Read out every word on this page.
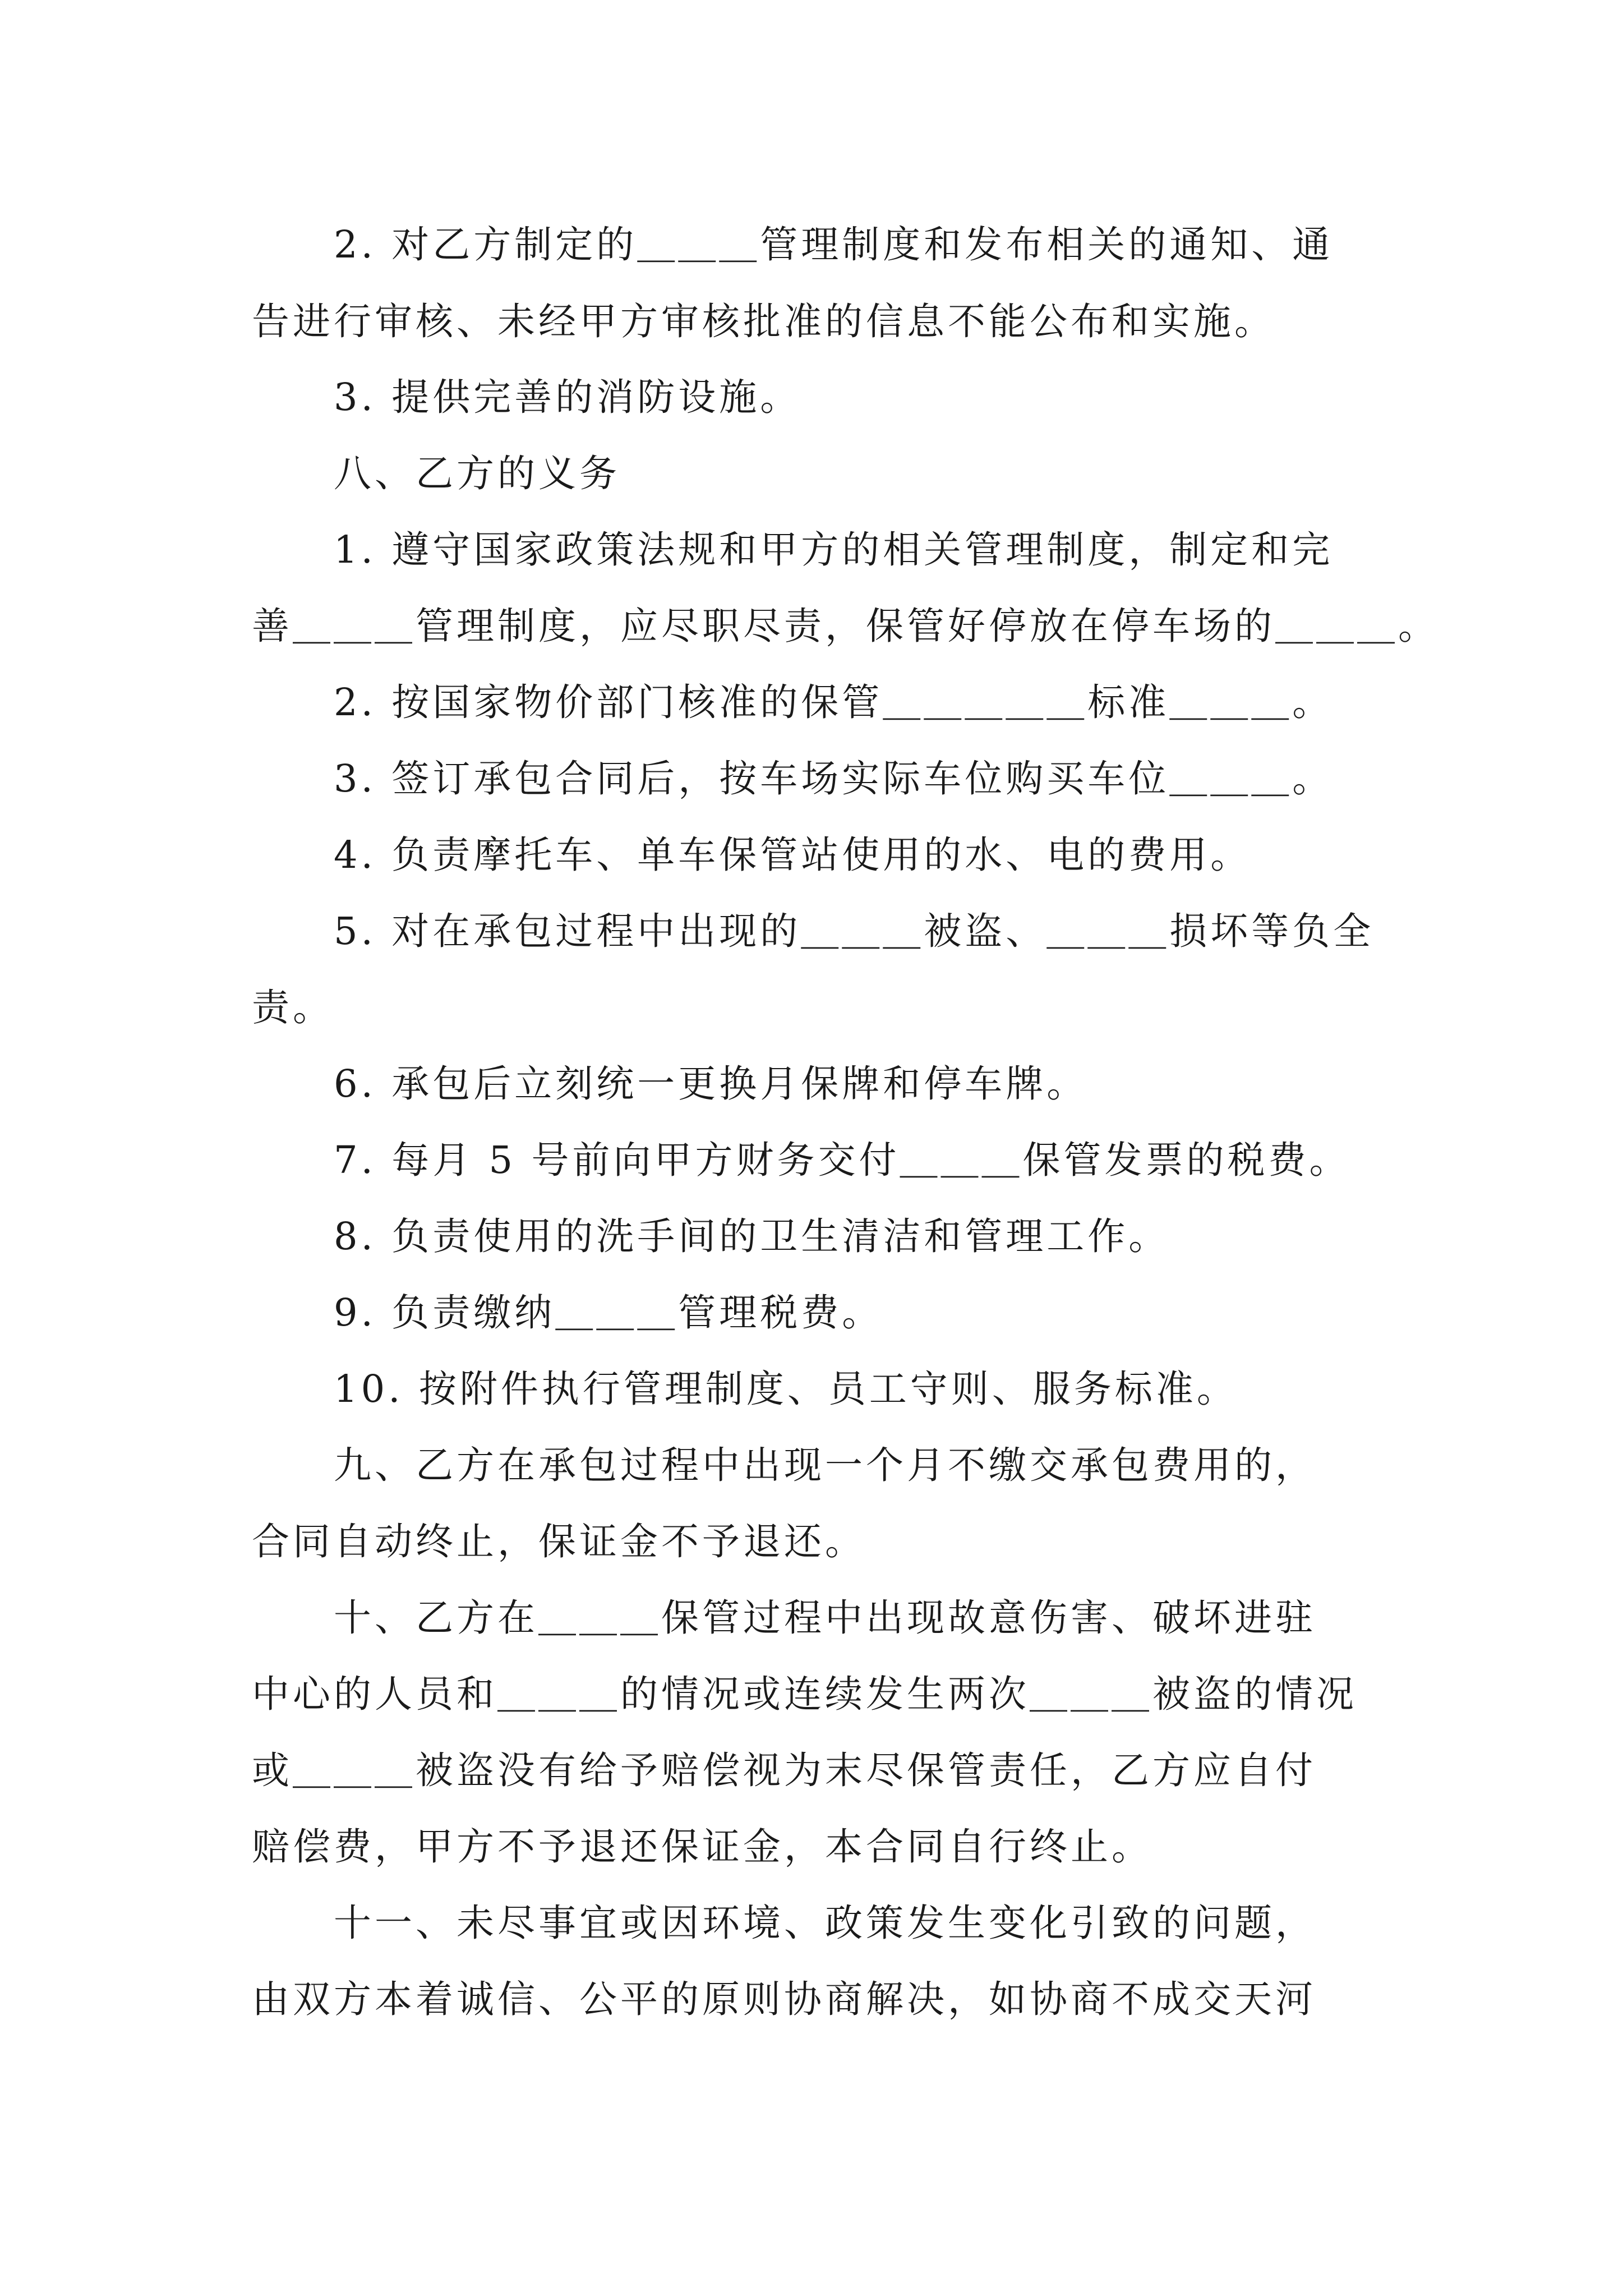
　　2. 对乙方制定的＿＿＿管理制度和发布相关的通知、通
告进行审核、未经甲方审核批准的信息不能公布和实施。
　　3. 提供完善的消防设施。
　　八、乙方的义务
　　1. 遵守国家政策法规和甲方的相关管理制度，制定和完
善＿＿＿管理制度，应尽职尽责，保管好停放在停车场的＿＿＿。
　　2. 按国家物价部门核准的保管＿＿＿＿＿标准＿＿＿。
　　3. 签订承包合同后，按车场实际车位购买车位＿＿＿。
　　4. 负责摩托车、单车保管站使用的水、电的费用。
　　5. 对在承包过程中出现的＿＿＿被盗、＿＿＿损坏等负全
责。
　　6. 承包后立刻统一更换月保牌和停车牌。
　　7. 每月 5 号前向甲方财务交付＿＿＿保管发票的税费。
　　8. 负责使用的洗手间的卫生清洁和管理工作。
　　9. 负责缴纳＿＿＿管理税费。
　　10. 按附件执行管理制度、员工守则、服务标准。
　　九、乙方在承包过程中出现一个月不缴交承包费用的，
合同自动终止，保证金不予退还。
　　十、乙方在＿＿＿保管过程中出现故意伤害、破坏进驻
中心的人员和＿＿＿的情况或连续发生两次＿＿＿被盗的情况
或＿＿＿被盗没有给予赔偿视为末尽保管责任，乙方应自付
赔偿费，甲方不予退还保证金，本合同自行终止。
　　十一、未尽事宜或因环境、政策发生变化引致的问题，
由双方本着诚信、公平的原则协商解决，如协商不成交天河
